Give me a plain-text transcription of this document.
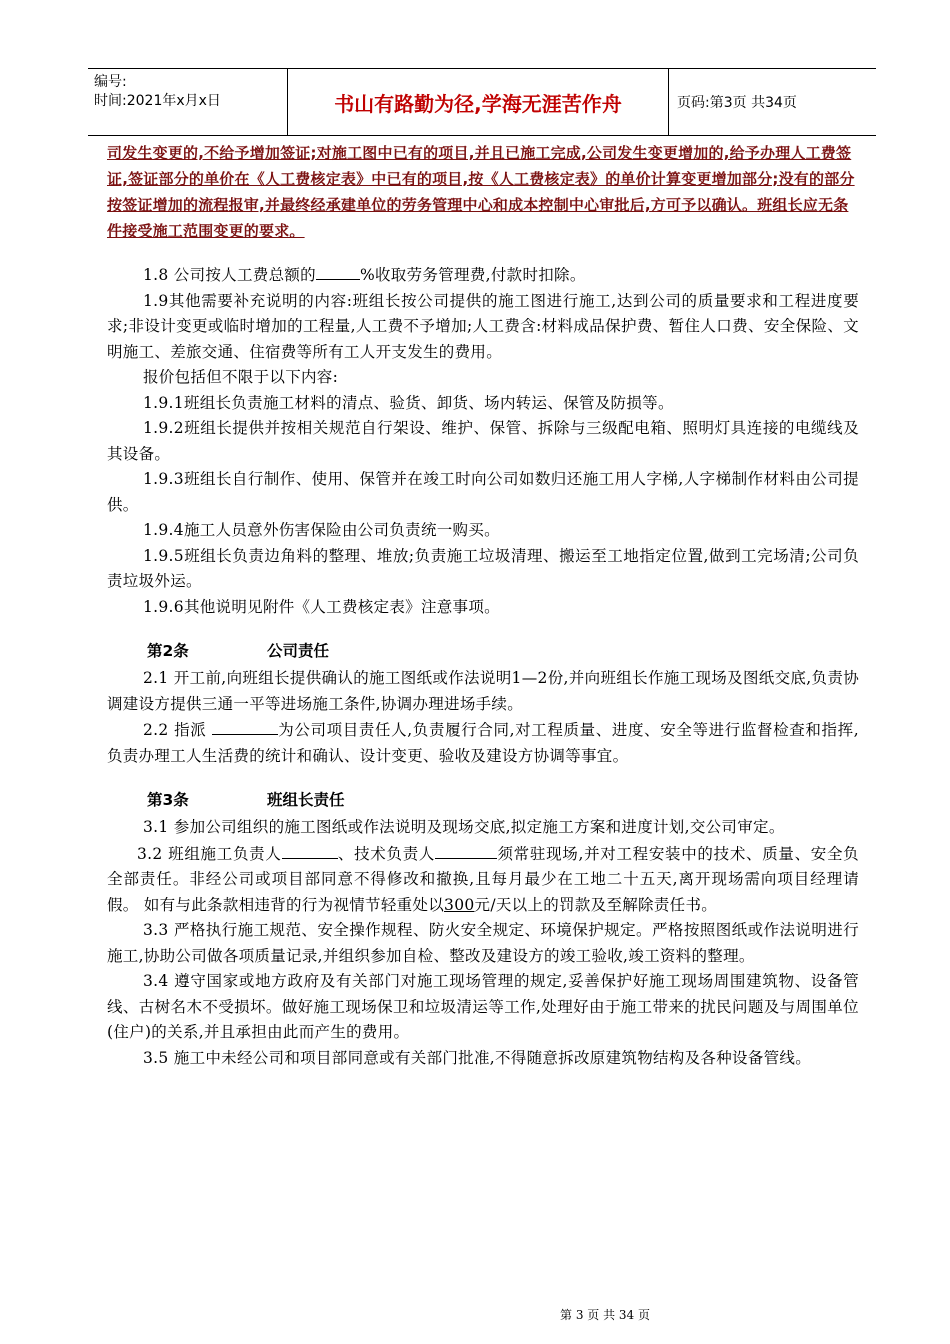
编号:
时间:2021年x月x日	书山有路勤为径,学海无涯苦作舟	页码:第3页 共34页

司发生变更的,不给予增加签证;对施工图中已有的项目,并且已施工完成,公司发生变更增加的,给予办理人工费签证,签证部分的单价在《人工费核定表》中已有的项目,按《人工费核定表》的单价计算变更增加部分;没有的部分按签证增加的流程报审,并最终经承建单位的劳务管理中心和成本控制中心审批后,方可予以确认。班组长应无条件接受施工范围变更的要求。

1.8 公司按人工费总额的	%收取劳务管理费,付款时扣除。

1.9其他需要补充说明的内容:班组长按公司提供的施工图进行施工,达到公司的质量要求和工程进度要求;非设计变更或临时增加的工程量,人工费不予增加;人工费含:材料成品保护费、暂住人口费、安全保险、文明施工、差旅交通、住宿费等所有工人开支发生的费用。

报价包括但不限于以下内容:

1.9.1班组长负责施工材料的清点、验货、卸货、场内转运、保管及防损等。

1.9.2班组长提供并按相关规范自行架设、维护、保管、拆除与三级配电箱、照明灯具连接的电缆线及其设备。

1.9.3班组长自行制作、使用、保管并在竣工时向公司如数归还施工用人字梯,人字梯制作材料由公司提供。

1.9.4施工人员意外伤害保险由公司负责统一购买。

1.9.5班组长负责边角料的整理、堆放;负责施工垃圾清理、搬运至工地指定位置,做到工完场清;公司负责垃圾外运。

1.9.6其他说明见附件《人工费核定表》注意事项。

第2条	公司责任

2.1 开工前,向班组长提供确认的施工图纸或作法说明1—2份,并向班组长作施工现场及图纸交底,负责协调建设方提供三通一平等进场施工条件,协调办理进场手续。

2.2 指派	为公司项目责任人,负责履行合同,对工程质量、进度、安全等进行监督检查和指挥,负责办理工人生活费的统计和确认、设计变更、验收及建设方协调等事宜。

第3条	班组长责任

3.1 参加公司组织的施工图纸或作法说明及现场交底,拟定施工方案和进度计划,交公司审定。

3.2 班组施工负责人	、技术负责人	须常驻现场,并对工程安装中的技术、质量、安全负全部责任。非经公司或项目部同意不得修改和撤换,且每月最少在工地二十五天,离开现场需向项目经理请假。 如有与此条款相违背的行为视情节轻重处以300元/天以上的罚款及至解除责任书。

3.3 严格执行施工规范、安全操作规程、防火安全规定、环境保护规定。严格按照图纸或作法说明进行施工,协助公司做各项质量记录,并组织参加自检、整改及建设方的竣工验收,竣工资料的整理。

3.4 遵守国家或地方政府及有关部门对施工现场管理的规定,妥善保护好施工现场周围建筑物、设备管线、古树名木不受损坏。做好施工现场保卫和垃圾清运等工作,处理好由于施工带来的扰民问题及与周围单位(住户)的关系,并且承担由此而产生的费用。

3.5 施工中未经公司和项目部同意或有关部门批准,不得随意拆改原建筑物结构及各种设备管线。

第 3 页 共 34 页
